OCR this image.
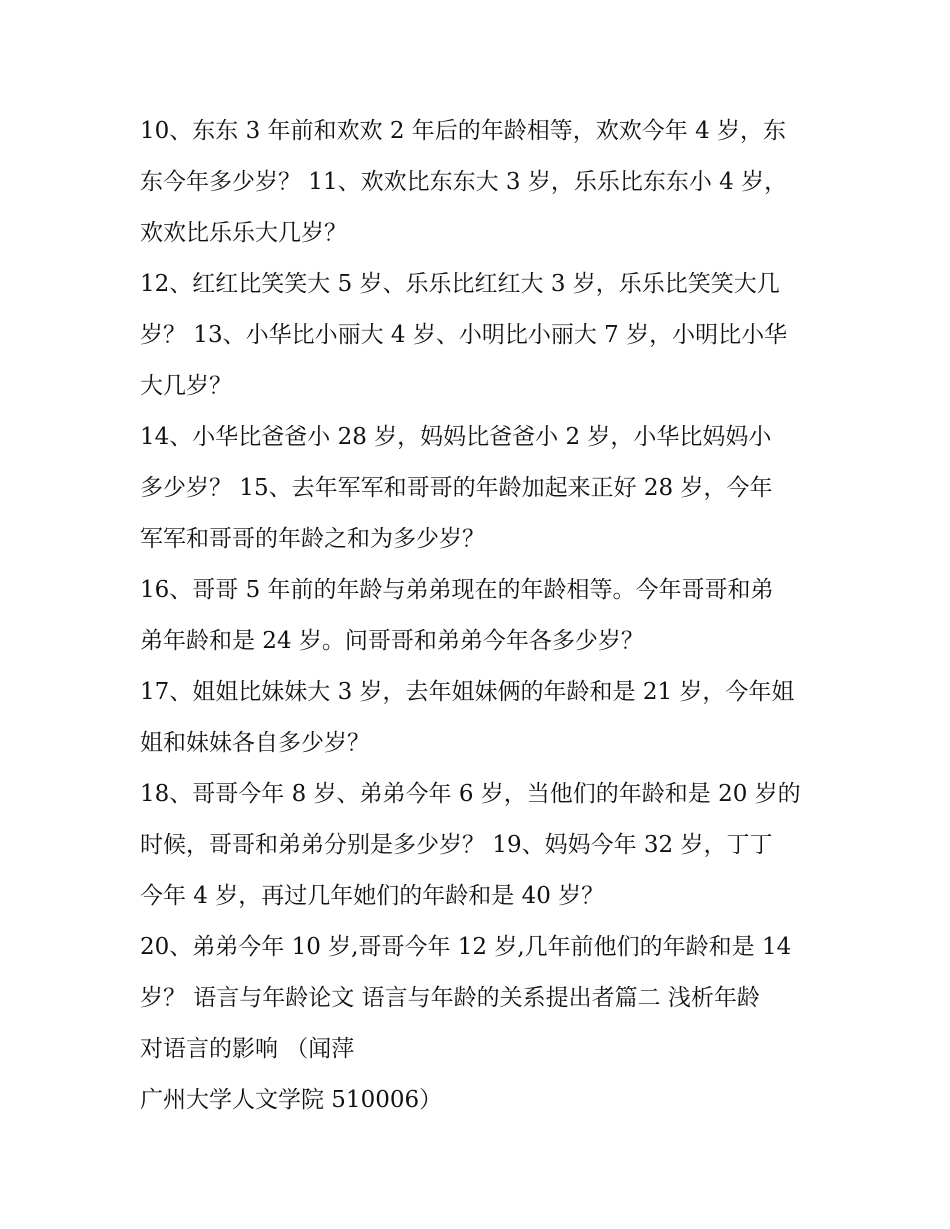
10、东东 3 年前和欢欢 2 年后的年龄相等，欢欢今年 4 岁，东
东今年多少岁？ 11、欢欢比东东大 3 岁，乐乐比东东小 4 岁，
欢欢比乐乐大几岁？
12、红红比笑笑大 5 岁、乐乐比红红大 3 岁，乐乐比笑笑大几
岁？ 13、小华比小丽大 4 岁、小明比小丽大 7 岁，小明比小华
大几岁？
14、小华比爸爸小 28 岁，妈妈比爸爸小 2 岁，小华比妈妈小
多少岁？ 15、去年军军和哥哥的年龄加起来正好 28 岁，今年
军军和哥哥的年龄之和为多少岁？
16、哥哥 5 年前的年龄与弟弟现在的年龄相等。今年哥哥和弟
弟年龄和是 24 岁。问哥哥和弟弟今年各多少岁？
17、姐姐比妹妹大 3 岁，去年姐妹俩的年龄和是 21 岁，今年姐
姐和妹妹各自多少岁？
18、哥哥今年 8 岁、弟弟今年 6 岁，当他们的年龄和是 20 岁的
时候，哥哥和弟弟分别是多少岁？ 19、妈妈今年 32 岁，丁丁
今年 4 岁，再过几年她们的年龄和是 40 岁？
20、弟弟今年 10 岁,哥哥今年 12 岁,几年前他们的年龄和是 14
岁？ 语言与年龄论文 语言与年龄的关系提出者篇二 浅析年龄
对语言的影响 （闻萍
广州大学人文学院 510006）
